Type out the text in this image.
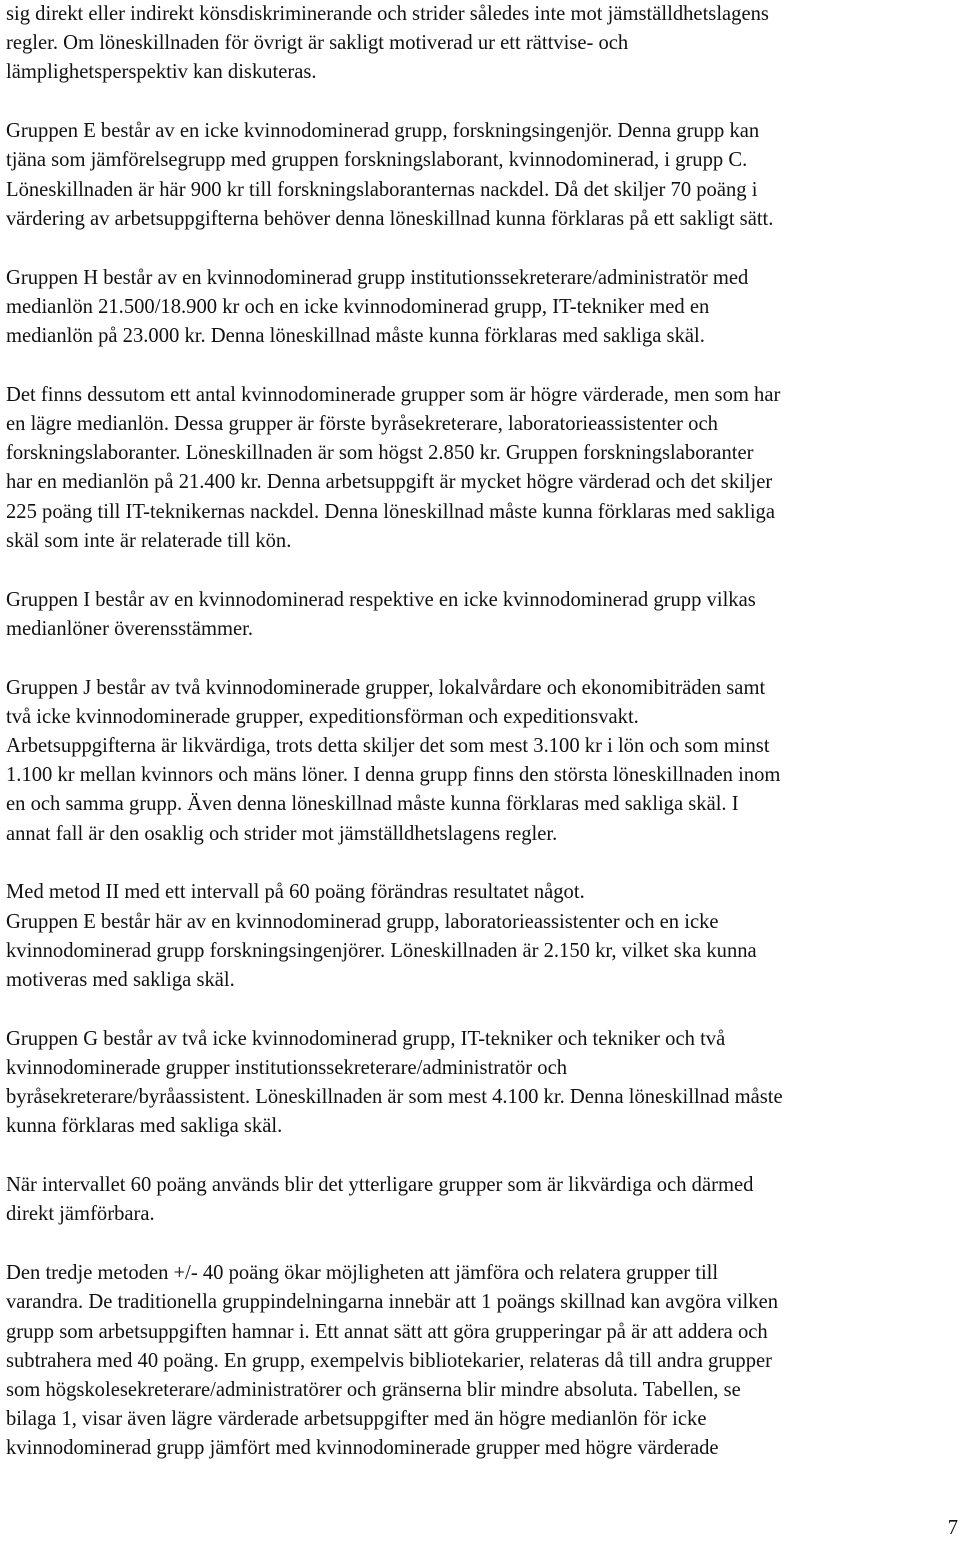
sig direkt eller indirekt könsdiskriminerande och strider således inte mot jämställdhetslagens
regler. Om löneskillnaden för övrigt är sakligt motiverad ur ett rättvise- och
lämplighetsperspektiv kan diskuteras.

Gruppen E består av en icke kvinnodominerad grupp, forskningsingenjör. Denna grupp kan
tjäna som jämförelsegrupp med gruppen forskningslaborant, kvinnodominerad, i grupp C.
Löneskillnaden är här 900 kr till forskningslaboranternas nackdel. Då det skiljer 70 poäng i
värdering av arbetsuppgifterna behöver denna löneskillnad kunna förklaras på ett sakligt sätt.

Gruppen H består av en kvinnodominerad grupp institutionssekreterare/administratör med
medianlön 21.500/18.900 kr och en icke kvinnodominerad grupp, IT-tekniker med en
medianlön på 23.000 kr. Denna löneskillnad måste kunna förklaras med sakliga skäl.

Det finns dessutom ett antal kvinnodominerade grupper som är högre värderade, men som har
en lägre medianlön. Dessa grupper är förste byråsekreterare, laboratorieassistenter och
forskningslaboranter. Löneskillnaden är som högst 2.850 kr. Gruppen forskningslaboranter
har en medianlön på 21.400 kr. Denna arbetsuppgift är mycket högre värderad och det skiljer
225 poäng till IT-teknikernas nackdel. Denna löneskillnad måste kunna förklaras med sakliga
skäl som inte är relaterade till kön.

Gruppen I består av en kvinnodominerad respektive en icke kvinnodominerad grupp vilkas
medianlöner överensstämmer.

Gruppen J består av två kvinnodominerade grupper, lokalvårdare och ekonomibiträden samt
två icke kvinnodominerade grupper, expeditionsförman och expeditionsvakt.
Arbetsuppgifterna är likvärdiga, trots detta skiljer det som mest 3.100 kr i lön och som minst
1.100 kr mellan kvinnors och mäns löner. I denna grupp finns den största löneskillnaden inom
en och samma grupp. Även denna löneskillnad måste kunna förklaras med sakliga skäl. I
annat fall är den osaklig och strider mot jämställdhetslagens regler.

Med metod II med ett intervall på 60 poäng förändras resultatet något.
Gruppen E består här av en kvinnodominerad grupp, laboratorieassistenter och en icke
kvinnodominerad grupp forskningsingenjörer. Löneskillnaden är 2.150 kr, vilket ska kunna
motiveras med sakliga skäl.

Gruppen G består av två icke kvinnodominerad grupp, IT-tekniker och tekniker och två
kvinnodominerade grupper institutionssekreterare/administratör och
byråsekreterare/byråassistent. Löneskillnaden är som mest 4.100 kr. Denna löneskillnad måste
kunna förklaras med sakliga skäl.

När intervallet 60 poäng används blir det ytterligare grupper som är likvärdiga och därmed
direkt jämförbara.

Den tredje metoden +/- 40 poäng ökar möjligheten att jämföra och relatera grupper till
varandra. De traditionella gruppindelningarna innebär att 1 poängs skillnad kan avgöra vilken
grupp som arbetsuppgiften hamnar i. Ett annat sätt att göra grupperingar på är att addera och
subtrahera med 40 poäng. En grupp, exempelvis bibliotekarier, relateras då till andra grupper
som högskolesekreterare/administratörer och gränserna blir mindre absoluta. Tabellen, se
bilaga 1, visar även lägre värderade arbetsuppgifter med än högre medianlön för icke
kvinnodominerad grupp jämfört med kvinnodominerade grupper med högre värderade

7
